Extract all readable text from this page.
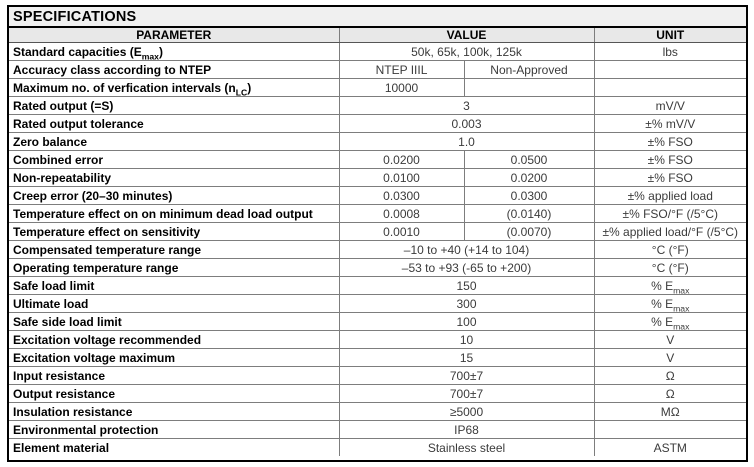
SPECIFICATIONS			
PARAMETER	VALUE		UNIT
Standard capacities $(E_{max})$	50k, 65k, 100k, 125k		lbs
Accuracy class according to NTEP	NTEP IIIL	Non-Approved	
Maximum no. of verfication intervals $(n_{LC})$	10000		
Rated output (=S)	3		mV/V
Rated output tolerance	0.003		±% mV/V
Zero balance	1.0		±% FSO
Combined error	0.0200	0.0500	±% FSO
Non-repeatability	0.0100	0.0200	±% FSO
Creep error (20–30 minutes)	0.0300	0.0300	±% applied load
Temperature effect on on minimum dead load output	0.0008	(0.0140)	±% FSO/°F (/5°C)
Temperature effect on sensitivity	0.0010	(0.0070)	±% applied load/°F (/5°C)
Compensated temperature range	–10 to +40 (+14 to 104)		°C (°F)
Operating temperature range	–53 to +93 (-65 to +200)		°C (°F)
Safe load limit	150		% $E_{max}$
Ultimate load	300		% $E_{max}$
Safe side load limit	100		% $E_{max}$
Excitation voltage recommended	10		V
Excitation voltage maximum	15		V
Input resistance	700±7		Ω
Output resistance	700±7		Ω
Insulation resistance	≥5000		MΩ
Environmental protection	IP68		
Element material	Stainless steel		ASTM
